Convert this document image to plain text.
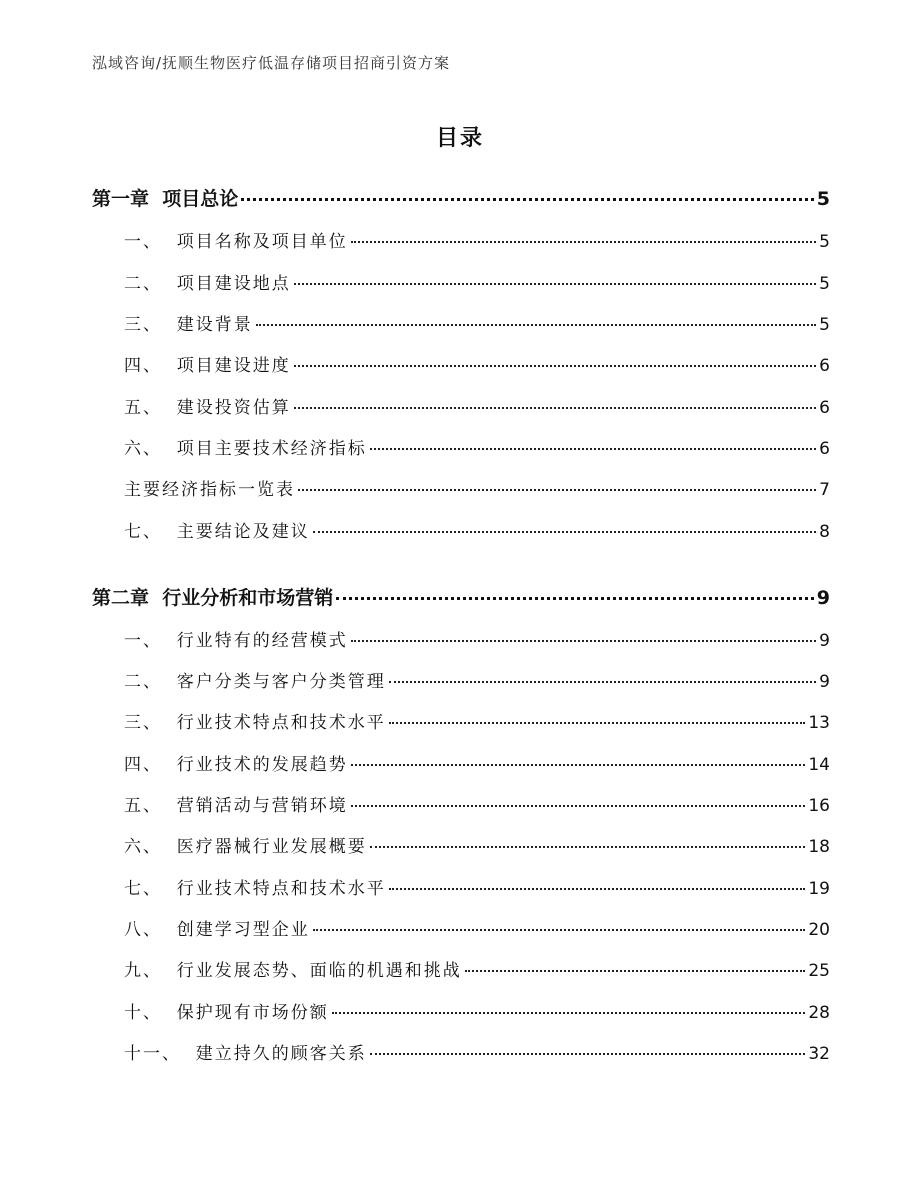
泓域咨询/抚顺生物医疗低温存储项目招商引资方案
目录
第一章  项目总论	5
一、  项目名称及项目单位	5
二、  项目建设地点	5
三、  建设背景	5
四、  项目建设进度	6
五、  建设投资估算	6
六、  项目主要技术经济指标	6
主要经济指标一览表	7
七、  主要结论及建议	8
第二章  行业分析和市场营销	9
一、  行业特有的经营模式	9
二、  客户分类与客户分类管理	9
三、  行业技术特点和技术水平	13
四、  行业技术的发展趋势	14
五、  营销活动与营销环境	16
六、  医疗器械行业发展概要	18
七、  行业技术特点和技术水平	19
八、  创建学习型企业	20
九、  行业发展态势、面临的机遇和挑战	25
十、  保护现有市场份额	28
十一、  建立持久的顾客关系	32
